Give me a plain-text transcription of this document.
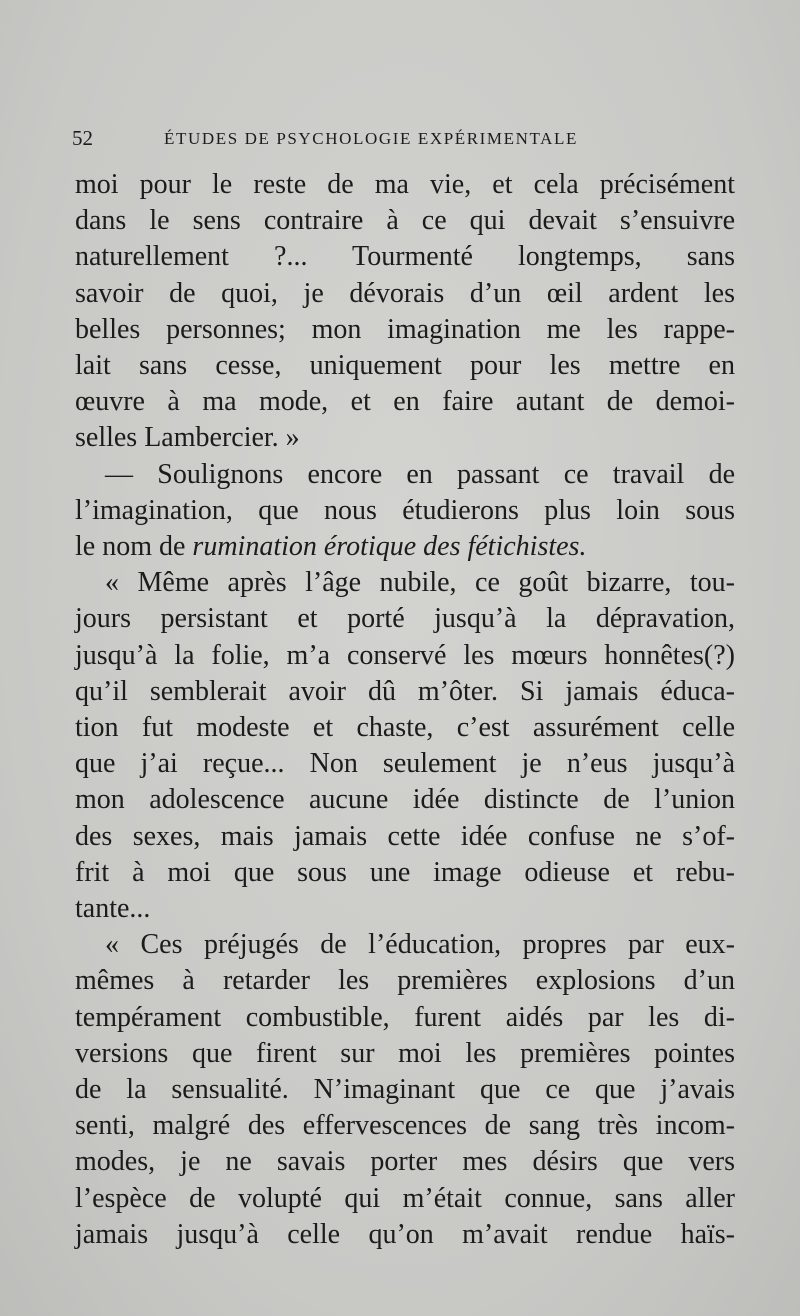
52	ÉTUDES DE PSYCHOLOGIE EXPÉRIMENTALE

moi pour le reste de ma vie, et cela précisément

dans le sens contraire à ce qui devait s’ensuivre

naturellement ?... Tourmenté longtemps, sans

savoir de quoi, je dévorais d’un œil ardent les

belles personnes; mon imagination me les rappe-

lait sans cesse, uniquement pour les mettre en

œuvre à ma mode, et en faire autant de demoi-

selles Lambercier. »

— Soulignons encore en passant ce travail de

l’imagination, que nous étudierons plus loin sous

le nom de rumination érotique des fétichistes.

« Même après l’âge nubile, ce goût bizarre, tou-

jours persistant et porté jusqu’à la dépravation,

jusqu’à la folie, m’a conservé les mœurs honnêtes(?)

qu’il semblerait avoir dû m’ôter. Si jamais éduca-

tion fut modeste et chaste, c’est assurément celle

que j’ai reçue... Non seulement je n’eus jusqu’à

mon adolescence aucune idée distincte de l’union

des sexes, mais jamais cette idée confuse ne s’of-

frit à moi que sous une image odieuse et rebu-

tante...

« Ces préjugés de l’éducation, propres par eux-

mêmes à retarder les premières explosions d’un

tempérament combustible, furent aidés par les di-

versions que firent sur moi les premières pointes

de la sensualité. N’imaginant que ce que j’avais

senti, malgré des effervescences de sang très incom-

modes, je ne savais porter mes désirs que vers

l’espèce de volupté qui m’était connue, sans aller

jamais jusqu’à celle qu’on m’avait rendue haïs-
